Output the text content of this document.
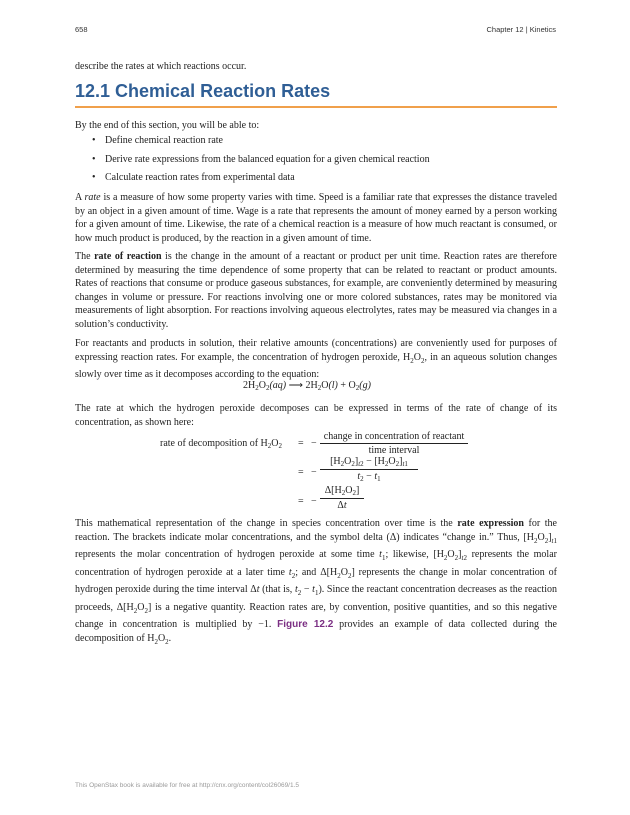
658	Chapter 12 | Kinetics

describe the rates at which reactions occur.

12.1 Chemical Reaction Rates

By the end of this section, you will be able to:

• Define chemical reaction rate
• Derive rate expressions from the balanced equation for a given chemical reaction
• Calculate reaction rates from experimental data

A rate is a measure of how some property varies with time. Speed is a familiar rate that expresses the distance traveled by an object in a given amount of time. Wage is a rate that represents the amount of money earned by a person working for a given amount of time. Likewise, the rate of a chemical reaction is a measure of how much reactant is consumed, or how much product is produced, by the reaction in a given amount of time.

The rate of reaction is the change in the amount of a reactant or product per unit time. Reaction rates are therefore determined by measuring the time dependence of some property that can be related to reactant or product amounts. Rates of reactions that consume or produce gaseous substances, for example, are conveniently determined by measuring changes in volume or pressure. For reactions involving one or more colored substances, rates may be monitored via measurements of light absorption. For reactions involving aqueous electrolytes, rates may be measured via changes in a solution’s conductivity.

For reactants and products in solution, their relative amounts (concentrations) are conveniently used for purposes of expressing reaction rates. For example, the concentration of hydrogen peroxide, $H_2O_2$, in an aqueous solution changes slowly over time as it decomposes according to the equation:

$2H_2O_2(aq)$ ⟶ $2H_2O(l) + O_2(g)$

The rate at which the hydrogen peroxide decomposes can be expressed in terms of the rate of change of its concentration, as shown here:

rate of decomposition of $H_2O_2$ = −
change in concentration of reactant
time interval
= −
$[H_2O_2]_{t2} - [H_2O_2]_{t1}$
$t_2 - t_1$
= −
$\Delta[H_2O_2]$
Δt

This mathematical representation of the change in species concentration over time is the rate expression for the reaction. The brackets indicate molar concentrations, and the symbol delta (Δ) indicates “change in.” Thus, $[H_2O_2]_{t1}$ represents the molar concentration of hydrogen peroxide at some time $t_1$; likewise, $[H_2O_2]_{t2}$ represents the molar concentration of hydrogen peroxide at a later time $t_2$; and $\Delta[H_2O_2]$ represents the change in molar concentration of hydrogen peroxide during the time interval Δt (that is, $t_2 - t_1$). Since the reactant concentration decreases as the reaction proceeds, $\Delta[H_2O_2]$ is a negative quantity. Reaction rates are, by convention, positive quantities, and so this negative change in concentration is multiplied by −1. Figure 12.2 provides an example of data collected during the decomposition of $H_2O_2$.

This OpenStax book is available for free at http://cnx.org/content/col26069/1.5
